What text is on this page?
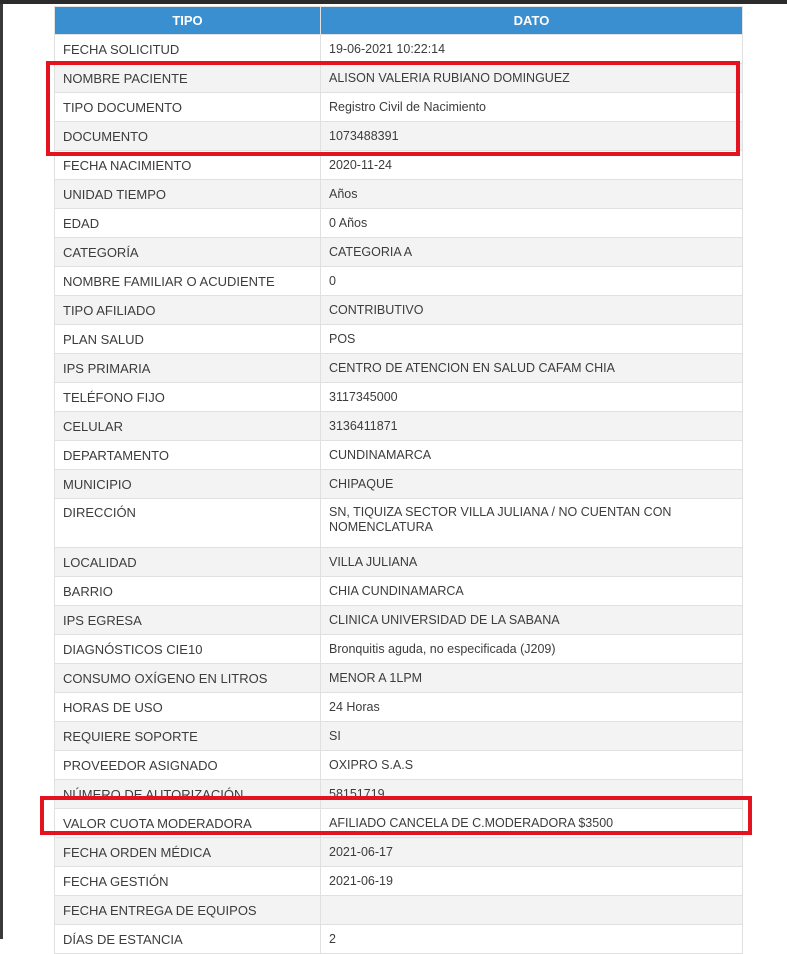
TIPO	DATO
FECHA SOLICITUD	19-06-2021 10:22:14
NOMBRE PACIENTE	ALISON VALERIA RUBIANO DOMINGUEZ
TIPO DOCUMENTO	Registro Civil de Nacimiento
DOCUMENTO	1073488391
FECHA NACIMIENTO	2020-11-24
UNIDAD TIEMPO	Años
EDAD	0 Años
CATEGORÍA	CATEGORIA A
NOMBRE FAMILIAR O ACUDIENTE	0
TIPO AFILIADO	CONTRIBUTIVO
PLAN SALUD	POS
IPS PRIMARIA	CENTRO DE ATENCION EN SALUD CAFAM CHIA
TELÉFONO FIJO	3117345000
CELULAR	3136411871
DEPARTAMENTO	CUNDINAMARCA
MUNICIPIO	CHIPAQUE
DIRECCIÓN	SN, TIQUIZA SECTOR VILLA JULIANA / NO CUENTAN CON NOMENCLATURA
LOCALIDAD	VILLA JULIANA
BARRIO	CHIA CUNDINAMARCA
IPS EGRESA	CLINICA UNIVERSIDAD DE LA SABANA
DIAGNÓSTICOS CIE10	Bronquitis aguda, no especificada (J209)
CONSUMO OXÍGENO EN LITROS	MENOR A 1LPM
HORAS DE USO	24 Horas
REQUIERE SOPORTE	SI
PROVEEDOR ASIGNADO	OXIPRO S.A.S
NÚMERO DE AUTORIZACIÓN	58151719
VALOR CUOTA MODERADORA	AFILIADO CANCELA DE C.MODERADORA $3500
FECHA ORDEN MÉDICA	2021-06-17
FECHA GESTIÓN	2021-06-19
FECHA ENTREGA DE EQUIPOS	
DÍAS DE ESTANCIA	2
